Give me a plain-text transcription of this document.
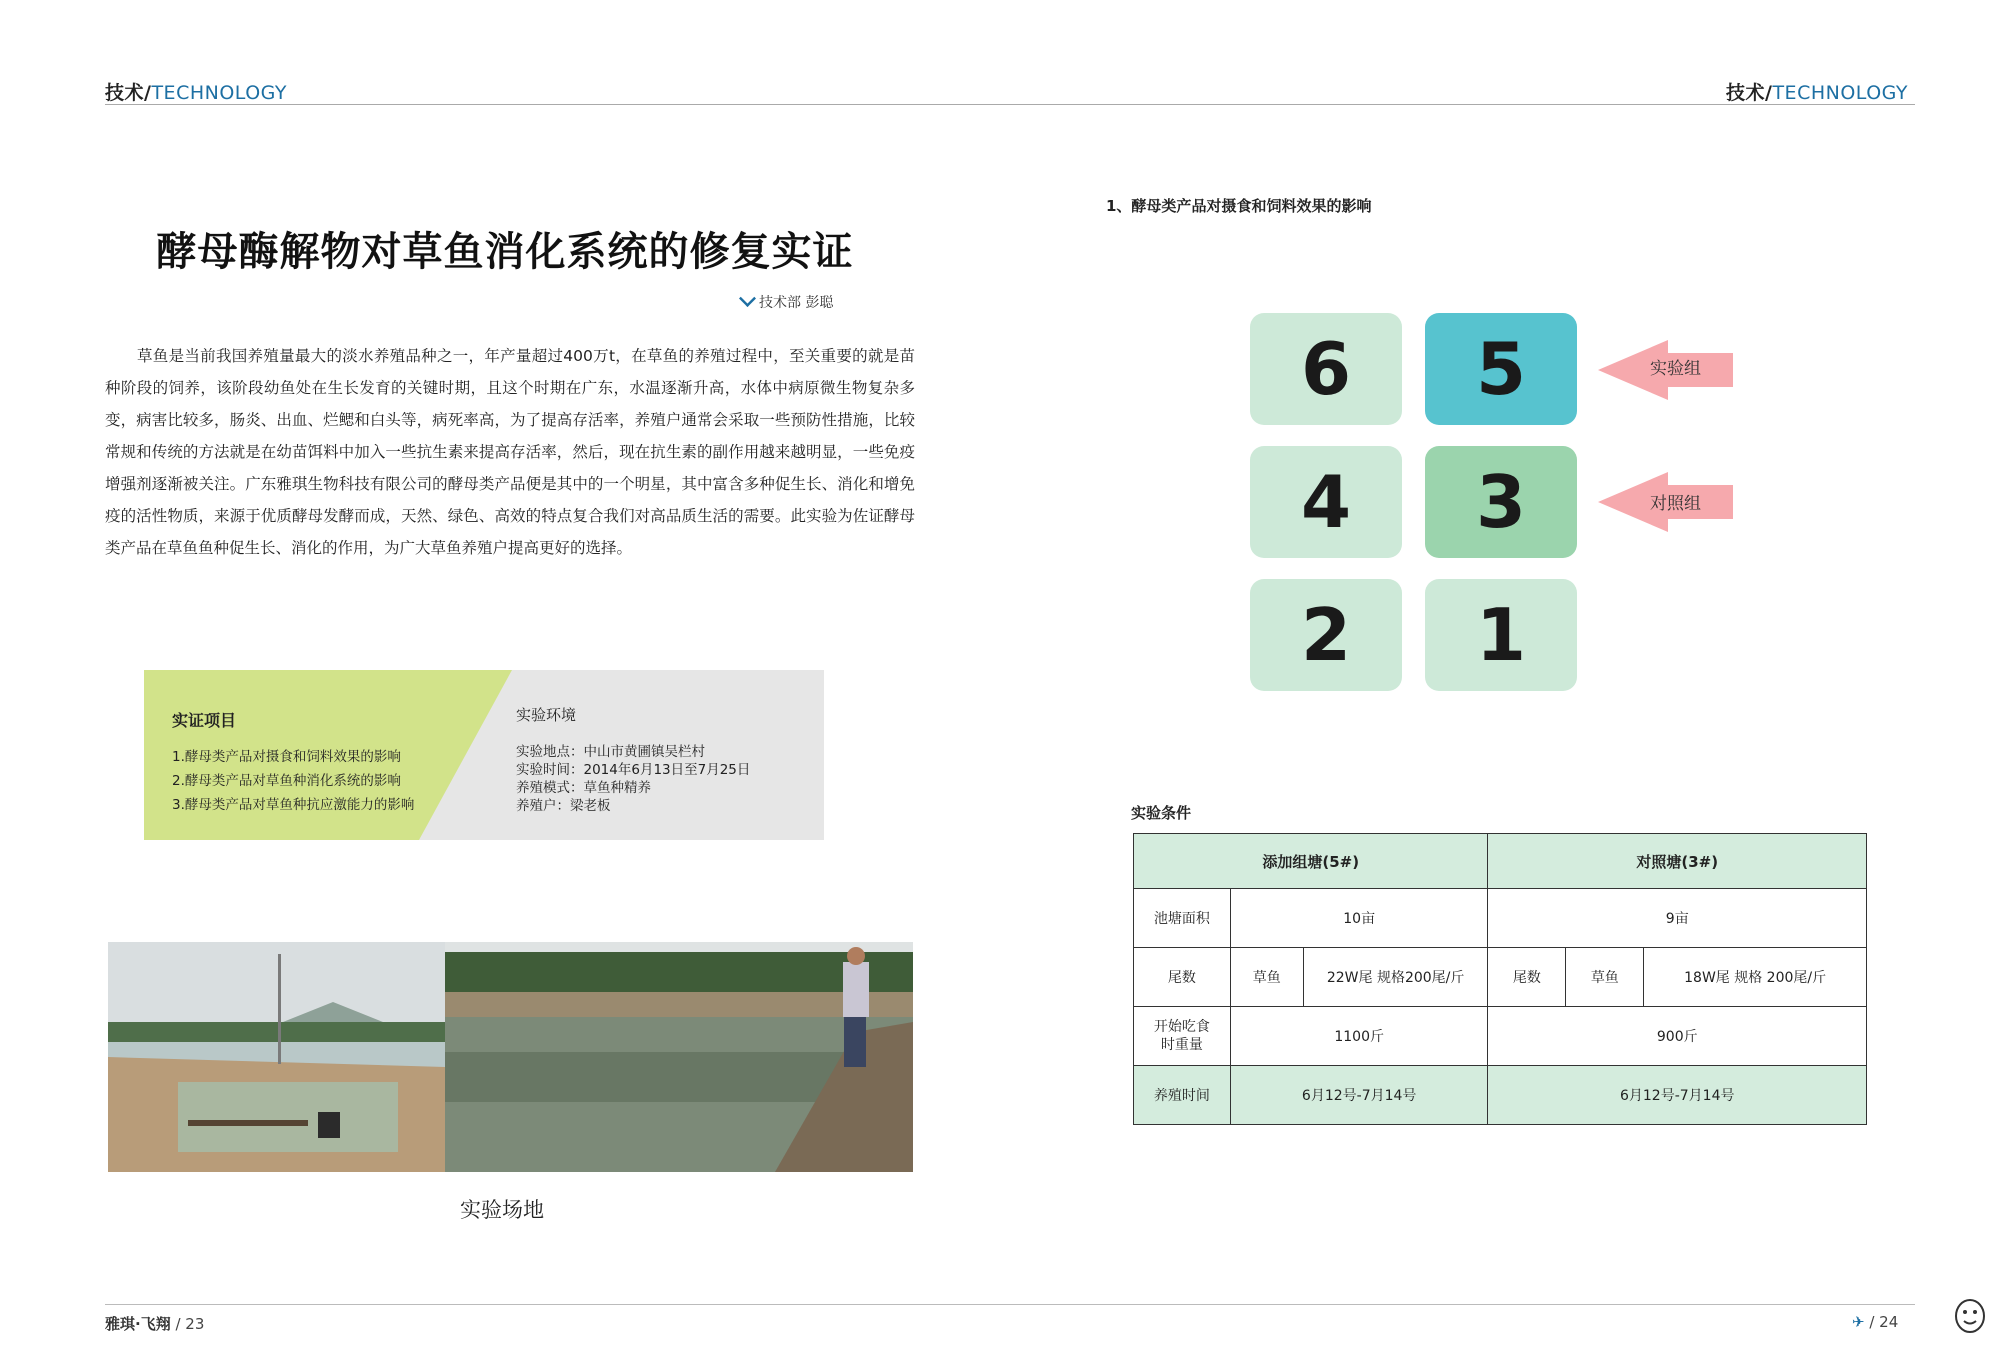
技术/TECHNOLOGY	技术/TECHNOLOGY
酵母酶解物对草鱼消化系统的修复实证
技术部 彭聪
草鱼是当前我国养殖量最大的淡水养殖品种之一，年产量超过400万t，在草鱼的养殖过程中，至关重要的就是苗种阶段的饲养，该阶段幼鱼处在生长发育的关键时期，且这个时期在广东，水温逐渐升高，水体中病原微生物复杂多变，病害比较多，肠炎、出血、烂鳃和白头等，病死率高，为了提高存活率，养殖户通常会采取一些预防性措施，比较常规和传统的方法就是在幼苗饵料中加入一些抗生素来提高存活率，然后，现在抗生素的副作用越来越明显，一些免疫增强剂逐渐被关注。广东雅琪生物科技有限公司的酵母类产品便是其中的一个明星，其中富含多种促生长、消化和增免疫的活性物质，来源于优质酵母发酵而成，天然、绿色、高效的特点复合我们对高品质生活的需要。此实验为佐证酵母类产品在草鱼鱼种促生长、消化的作用，为广大草鱼养殖户提高更好的选择。
实证项目

1.酵母类产品对摄食和饲料效果的影响

2.酵母类产品对草鱼种消化系统的影响

3.酵母类产品对草鱼种抗应激能力的影响

实验环境

实验地点：中山市黄圃镇吴栏村

实验时间：2014年6月13日至7月25日

养殖模式：草鱼种精养

养殖户：梁老板

实验场地
1、酵母类产品对摄食和饲料效果的影响
6 5
4 3
2 1
实验组
对照组
实验条件
添加组塘(5#)			对照塘(3#)		
池塘面积	10亩		9亩		
尾数	草鱼	22W尾 规格200尾/斤	尾数	草鱼	18W尾 规格 200尾/斤
开始吃食
时重量	1100斤		900斤		
养殖时间	6月12号-7月14号		6月12号-7月14号		
雅琪·飞翔 / 23	✈ / 24
